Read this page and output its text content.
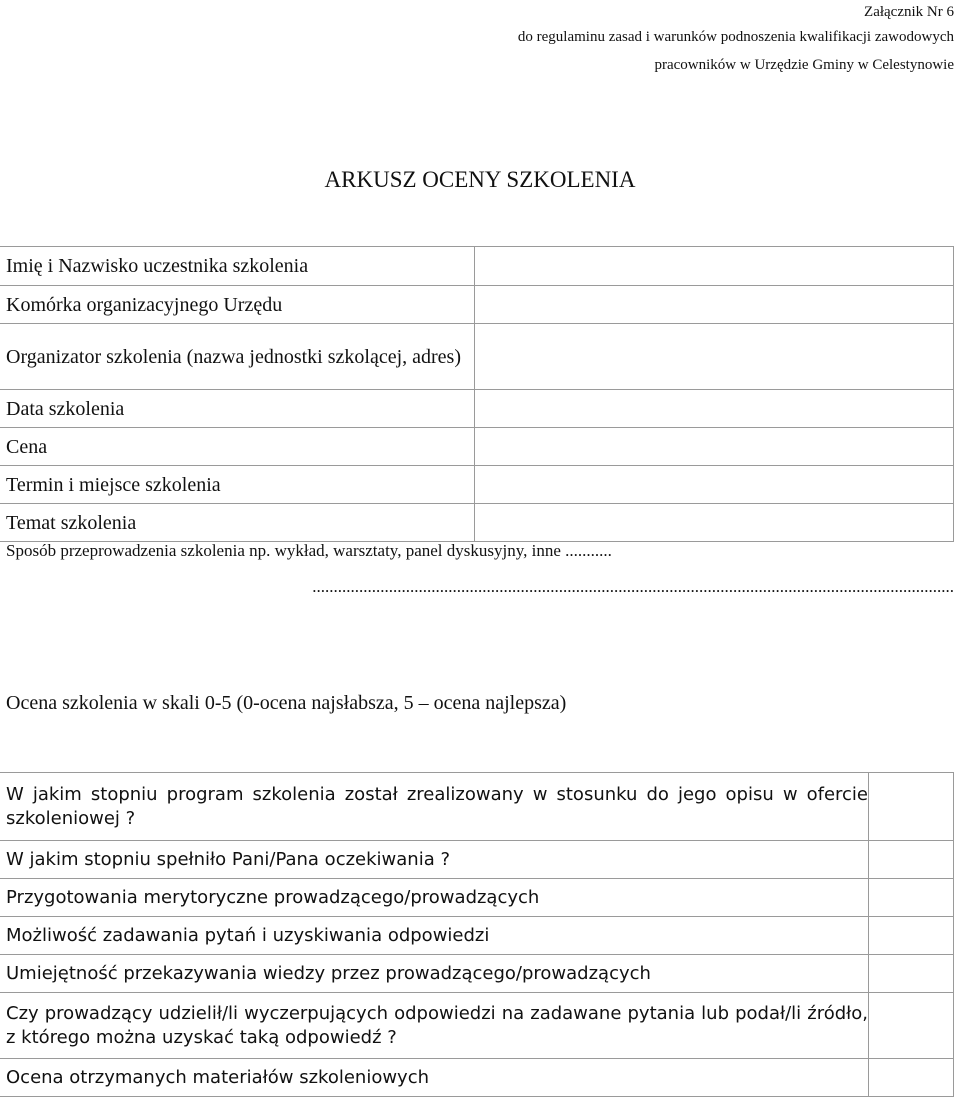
Załącznik Nr 6
do regulaminu zasad i warunków podnoszenia kwalifikacji zawodowych
pracowników w Urzędzie Gminy w Celestynowie
ARKUSZ OCENY SZKOLENIA
Imię i Nazwisko uczestnika szkolenia	
Komórka organizacyjnego Urzędu	
Organizator szkolenia (nazwa jednostki szkolącej, adres)	
Data szkolenia	
Cena	
Termin i miejsce szkolenia	
Temat szkolenia	
Sposób przeprowadzenia szkolenia np. wykład, warsztaty, panel dyskusyjny, inne ...........
.......................................................................................................................................................
Ocena szkolenia w skali 0-5 (0-ocena najsłabsza, 5 – ocena najlepsza)
W jakim stopniu program szkolenia został zrealizowany w stosunku do jego opisu w ofercie szkoleniowej ?	
W jakim stopniu spełniło Pani/Pana oczekiwania ?	
Przygotowania merytoryczne prowadzącego/prowadzących	
Możliwość zadawania pytań i uzyskiwania odpowiedzi	
Umiejętność przekazywania wiedzy przez prowadzącego/prowadzących	
Czy prowadzący udzielił/li wyczerpujących odpowiedzi na zadawane pytania lub podał/li źródło, z którego można uzyskać taką odpowiedź ?	
Ocena otrzymanych materiałów szkoleniowych	
